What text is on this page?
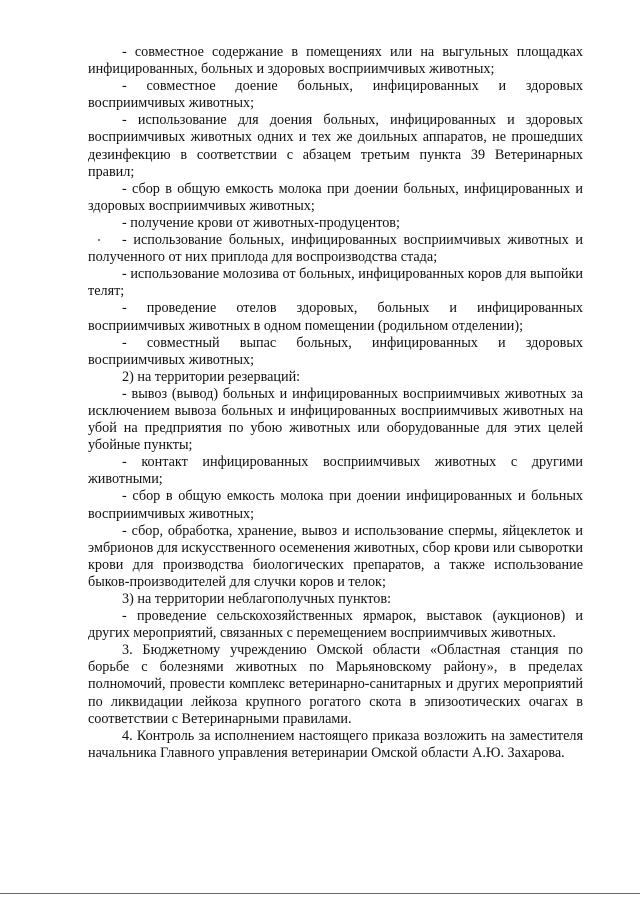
- совместное содержание в помещениях или на выгульных площадках инфицированных, больных и здоровых восприимчивых животных;

- совместное доение больных, инфицированных и здоровых восприимчивых животных;

- использование для доения больных, инфицированных и здоровых восприимчивых животных одних и тех же доильных аппаратов, не прошедших дезинфекцию в соответствии с абзацем третьим пункта 39 Ветеринарных правил;

- сбор в общую емкость молока при доении больных, инфицированных и здоровых восприимчивых животных;

- получение крови от животных-продуцентов;

- использование больных, инфицированных восприимчивых животных и полученного от них приплода для воспроизводства стада;

- использование молозива от больных, инфицированных коров для выпойки телят;

- проведение отелов здоровых, больных и инфицированных восприимчивых животных в одном помещении (родильном отделении);

- совместный выпас больных, инфицированных и здоровых восприимчивых животных;

2) на территории резерваций:

- вывоз (вывод) больных и инфицированных восприимчивых животных за исключением вывоза больных и инфицированных восприимчивых животных на убой на предприятия по убою животных или оборудованные для этих целей убойные пункты;

- контакт инфицированных восприимчивых животных с другими животными;

- сбор в общую емкость молока при доении инфицированных и больных восприимчивых животных;

- сбор, обработка, хранение, вывоз и использование спермы, яйцеклеток и эмбрионов для искусственного осеменения животных, сбор крови или сыворотки крови для производства биологических препаратов, а также использование быков-производителей для случки коров и телок;

3) на территории неблагополучных пунктов:

- проведение сельскохозяйственных ярмарок, выставок (аукционов) и других мероприятий, связанных с перемещением восприимчивых животных.

3. Бюджетному учреждению Омской области «Областная станция по борьбе с болезнями животных по Марьяновскому району», в пределах полномочий, провести комплекс ветеринарно-санитарных и других мероприятий по ликвидации лейкоза крупного рогатого скота в эпизоотических очагах в соответствии с Ветеринарными правилами.

4. Контроль за исполнением настоящего приказа возложить на заместителя начальника Главного управления ветеринарии Омской области А.Ю. Захарова.
